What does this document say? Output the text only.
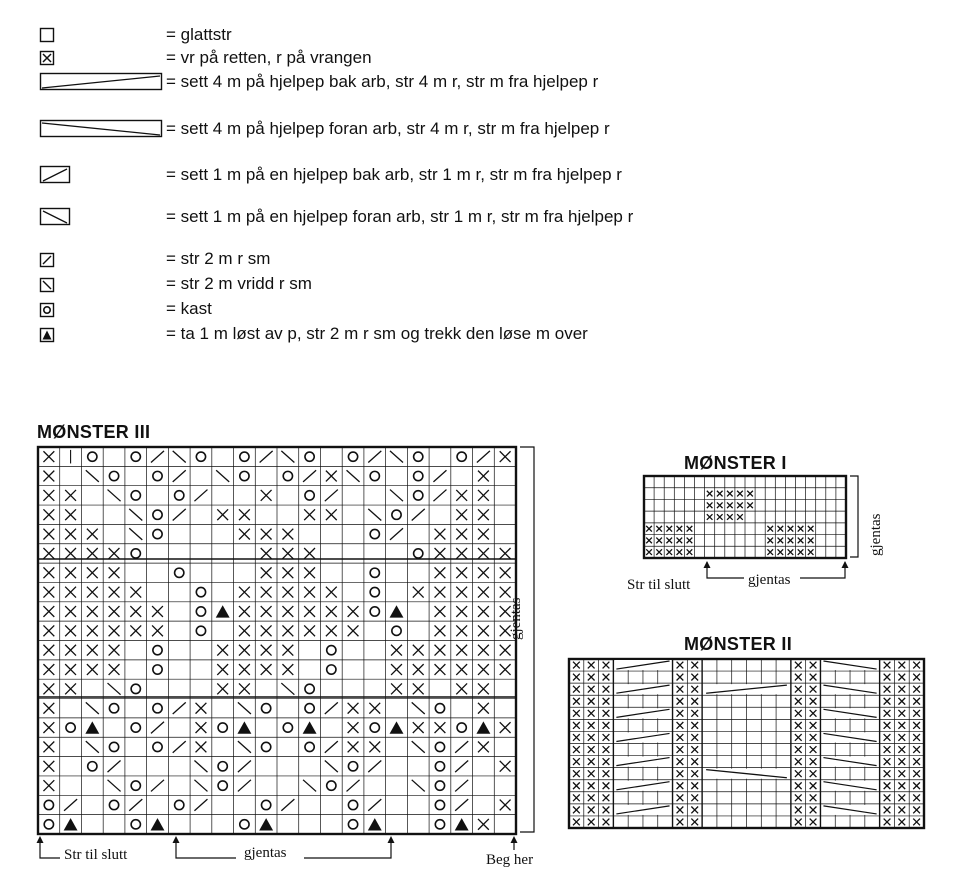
= glattstr
= vr på retten, r på vrangen
= sett 4 m på hjelpep bak arb, str 4 m r, str m fra hjelpep r
= sett 4 m på hjelpep foran arb, str 4 m r, str m fra hjelpep r
= sett 1 m på en hjelpep bak arb, str 1 m r, str m fra hjelpep r
= sett 1 m på en hjelpep foran arb, str 1 m r, str m fra hjelpep r
= str 2 m r sm
= str 2 m vridd r sm
= kast
= ta 1 m løst av p, str 2 m r sm og trekk den løse m over
MØNSTER III
Str til slutt	gjentas	Beg her
gjentas
MØNSTER I
Str til slutt	gjentas
gjentas
MØNSTER II
